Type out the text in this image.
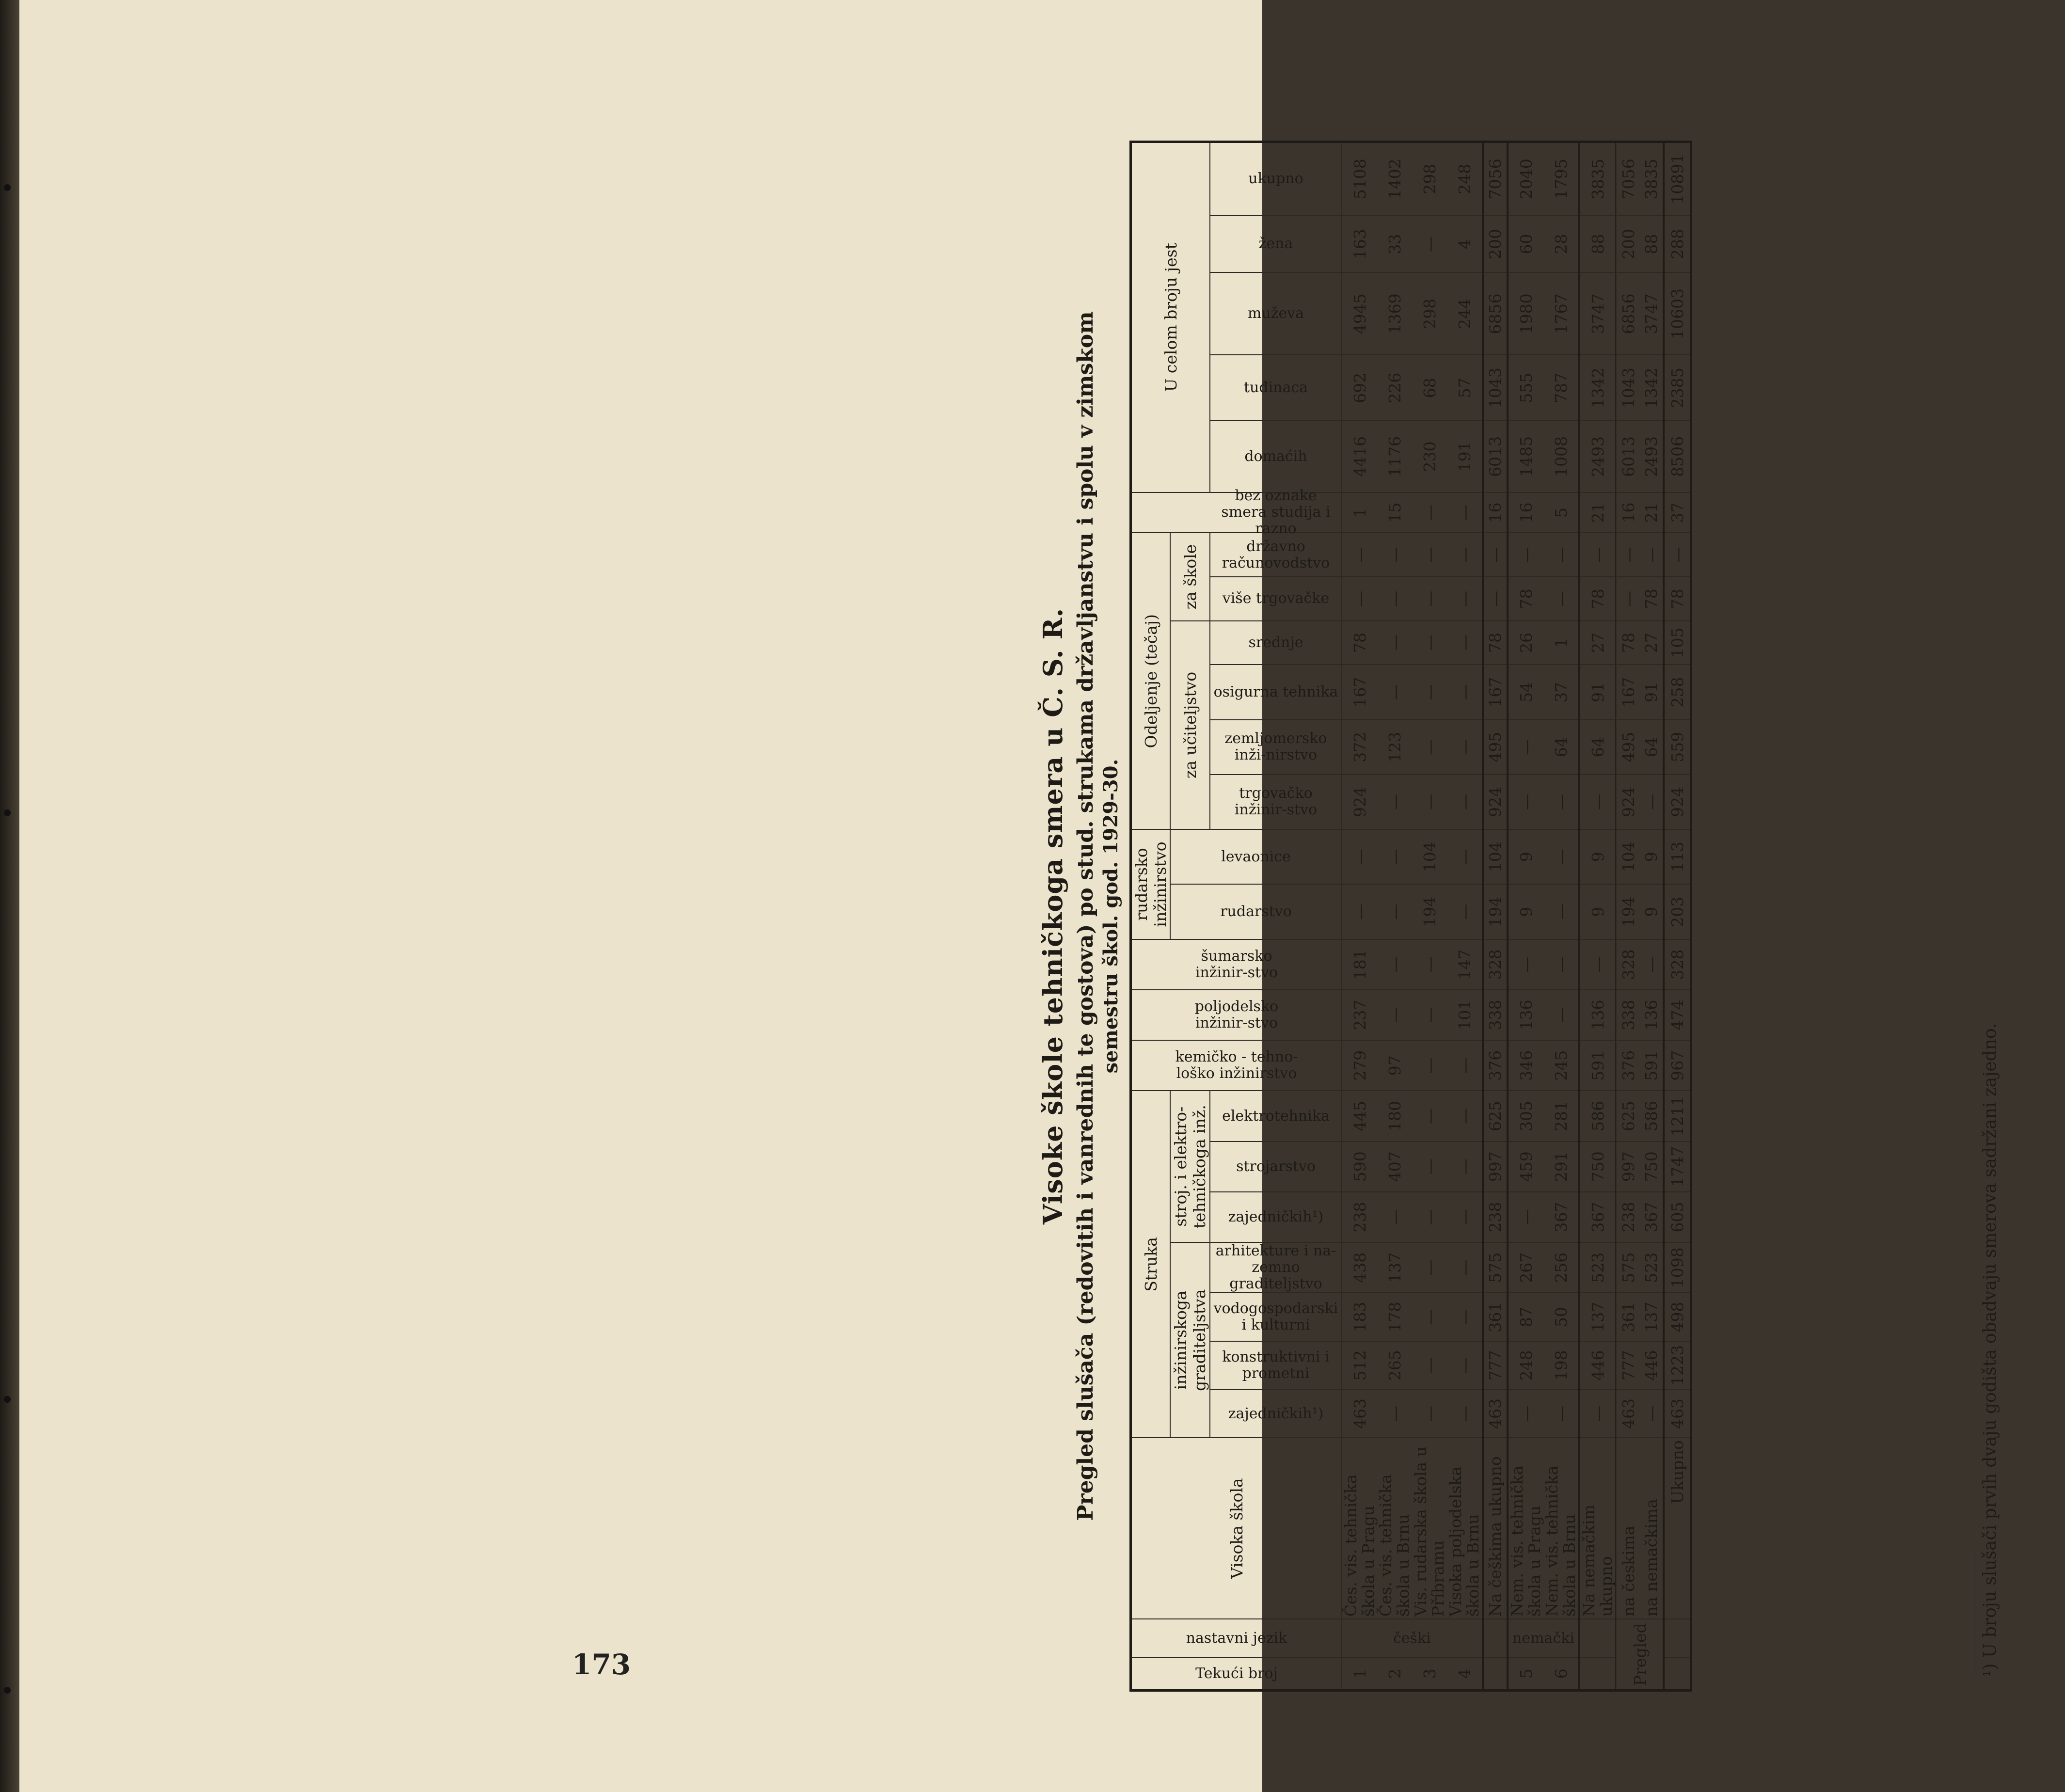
Visoke škole tehničkoga smera u Č. S. R. Pregled slušača (redovitih i vanrednih te gostova) po stud. strukama državljanstvu i spolu v zimskom semestru škol. god. 1929-30.
Tekući broj	nastavni jezik	Visoka škola	Struka							kemičko - tehno-loško inžinirstvo	poljodelsko inžinir-stvo	šumarsko inžinir-stvo	rudarsko inžinirstvo		Odeljenje (tečaj)							U celom broju jest				
			inžinirskoga graditeljstva				stroj. i elektro-tehničkoga inž.						rudarstvo	levaonice	za učiteljstvo				za škole							

			zajedničkih¹)	konstruktivni i prometni	vodogospodarski i kulturni	arhitekture i na-zemno graditeljstvo	zajedničkih¹)	strojarstvo	elektrotehnika						trgovačko inžinir-stvo	zemljomersko inži-nirstvo	osigurna tehnika	srednje	više trgovačke	državno računovodstvo	bez oznake smera studija i razno	domaćih	tuđinaca	muževa	žena	ukupno

1	češki	Čes. vis. tehnička škola u Pragu	463	512	183	438	238	590	445	279	237	181	—	—	924	372	167	78	—	—	1	4416	692	4945	163	5108
2		Čes. vis. tehnička škola u Brnu	—	265	178	137	—	407	180	97	—	—	—	—	—	123	—	—	—	—	15	1176	226	1369	33	1402
3		Vis. rudarska škola u Příbramu	—	—	—	—	—	—	—	—	—	—	194	104	—	—	—	—	—	—	—	230	68	298	—	298
4		Visoka poljodelska škola u Brnu	—	—	—	—	—	—	—	—	101	147	—	—	—	—	—	—	—	—	—	191	57	244	4	248
		Na češkima ukupno	463	777	361	575	238	997	625	376	338	328	194	104	924	495	167	78	—	—	16	6013	1043	6856	200	7056
5	nemački	Nem. vis. tehnička škola u Pragu	—	248	87	267	—	459	305	346	136	—	9	9	—	—	54	26	78	—	16	1485	555	1980	60	2040
6		Nem. vis. tehnička škola u Brnu	—	198	50	256	367	291	281	245	—	—	—	—	—	64	37	1	—	—	5	1008	787	1767	28	1795
		Na nemačkim ukupno	—	446	137	523	367	750	586	591	136	—	9	9	—	64	91	27	78	—	21	2493	1342	3747	88	3835
Pregled		na českima	463	777	361	575	238	997	625	376	338	328	194	104	924	495	167	78	—	—	16	6013	1043	6856	200	7056
		na nemačkima	—	446	137	523	367	750	586	591	136	—	9	9	—	64	91	27	78	—	21	2493	1342	3747	88	3835
		Ukupno	463	1223	498	1098	605	1747	1211	967	474	328	203	113	924	559	258	105	78	—	37	8506	2385	10603	288	10891
¹) U broju slušači prvih dvaju godišta obadvaju smerova sadržani zajedno.
173
